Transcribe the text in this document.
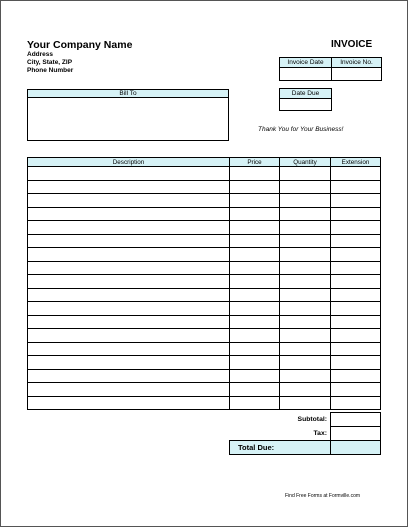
Your Company Name
Address
City, State, ZIP
Phone Number
INVOICE
Invoice Date	Invoice No.

Date Due

Bill To
Thank You for Your Business!
Description	Price	Quantity	Extension

Subtotal:	
Tax:	
Total Due:	
Find Free Forms at Formville.com
